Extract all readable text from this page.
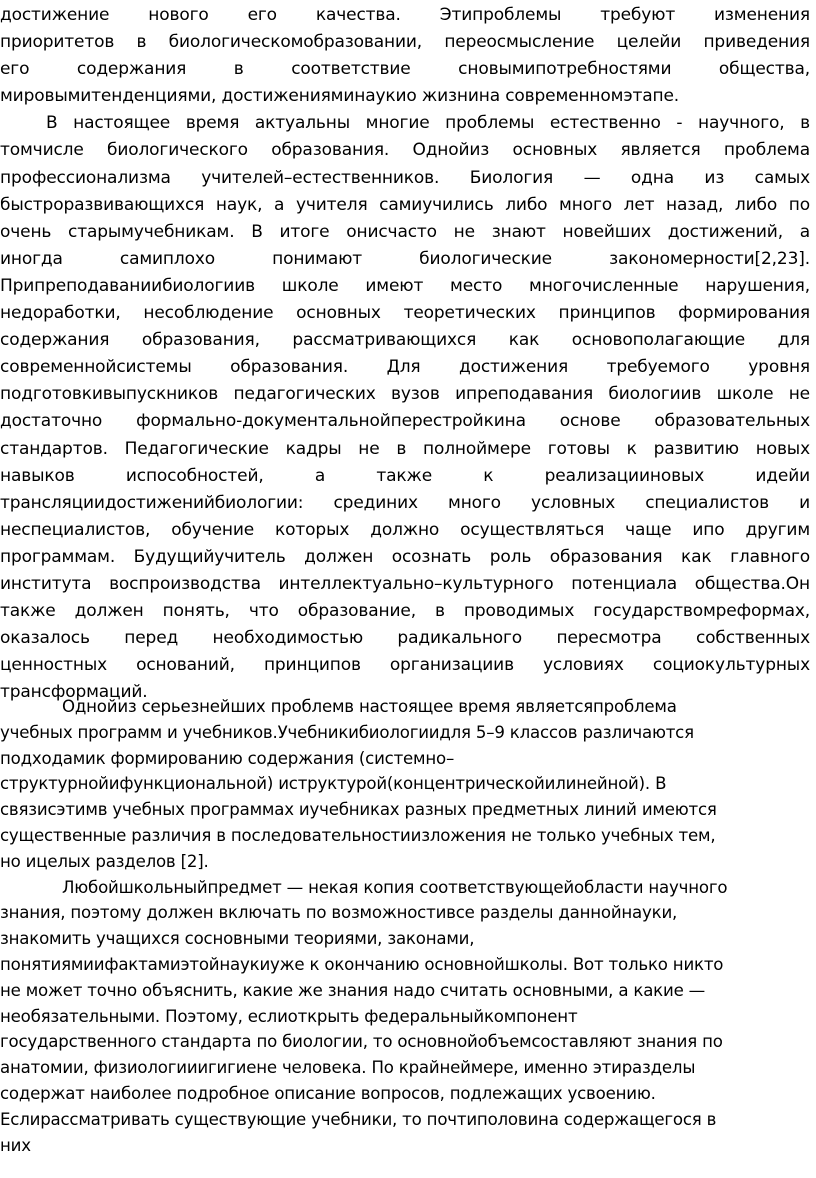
достижение нового его качества. Этипроблемы требуют изменения
приоритетов в биологическомобразовании, переосмысление целейи приведения
его содержания в соответствие сновымипотребностями общества,
мировымитенденциями, достиженияминаукио жизнина современномэтапе.
В настоящее время актуальны многие проблемы естественно - научного, в
томчисле биологического образования. Однойиз основных является проблема
профессионализма учителей–естественников. Биология — одна из самых
быстроразвивающихся наук, а учителя самиучились либо много лет назад, либо по
очень старымучебникам. В итоге ониcчасто не знают новейших достижений, а
иногда самиплохо понимают биологические закономерности[2,23].
Припреподаваниибиологиив школе имеют место многочисленные нарушения,
недоработки, несоблюдение основных теоретических принципов формирования
содержания образования, рассматривающихся как основополагающие для
современнойсистемы образования. Для достижения требуемого уровня
подготовкивыпускников педагогических вузов ипреподавания биологиив школе не
достаточно формально-документальнойперестройкина основе образовательных
стандартов. Педагогические кадры не в полноймере готовы к развитию новых
навыков испособностей, а также к реализацииновых идейи
трансляциидостиженийбиологии: срединих много условных специалистов и
неспециалистов, обучение которых должно осуществляться чаще ипо другим
программам. Будущийучитель должен осознать роль образования как главного
института воспроизводства интеллектуально–культурного потенциала общества.Он
также должен понять, что образование, в проводимых государствомреформах,
оказалось перед необходимостью радикального пересмотра собственных
ценностных оснований, принципов организациив условиях социокультурных
трансформаций.
Однойиз серьезнейших проблемв настоящее время являетсяпроблема
учебных программ и учебников.Учебникибиологиидля 5–9 классов различаются
подходамик формированию содержания (системно–
структурнойифункциональной) иструктурой(концентрическойилинейной). В
связисэтимв учебных программах иучебниках разных предметных линий имеются
существенные различия в последовательностиизложения не только учебных тем,
но ицелых разделов [2].
Любойшкольныйпредмет — некая копия соответствующейобласти научного
знания, поэтому должен включать по возможностивсе разделы даннойнауки,
знакомить учащихся сосновными теориями, законами,
понятиямиифактамиэтойнаукиуже к окончанию основнойшколы. Вот только никто
не может точно объяснить, какие же знания надо считать основными, а какие —
необязательными. Поэтому, еслиоткрыть федеральныйкомпонент
государственного стандарта по биологии, то основнойобъемсоставляют знания по
анатомии, физиологииигигиене человека. По крайнеймере, именно этиразделы
содержат наиболее подробное описание вопросов, подлежащих усвоению.
Еслирассматривать существующие учебники, то почтиполовина содержащегося в
них
